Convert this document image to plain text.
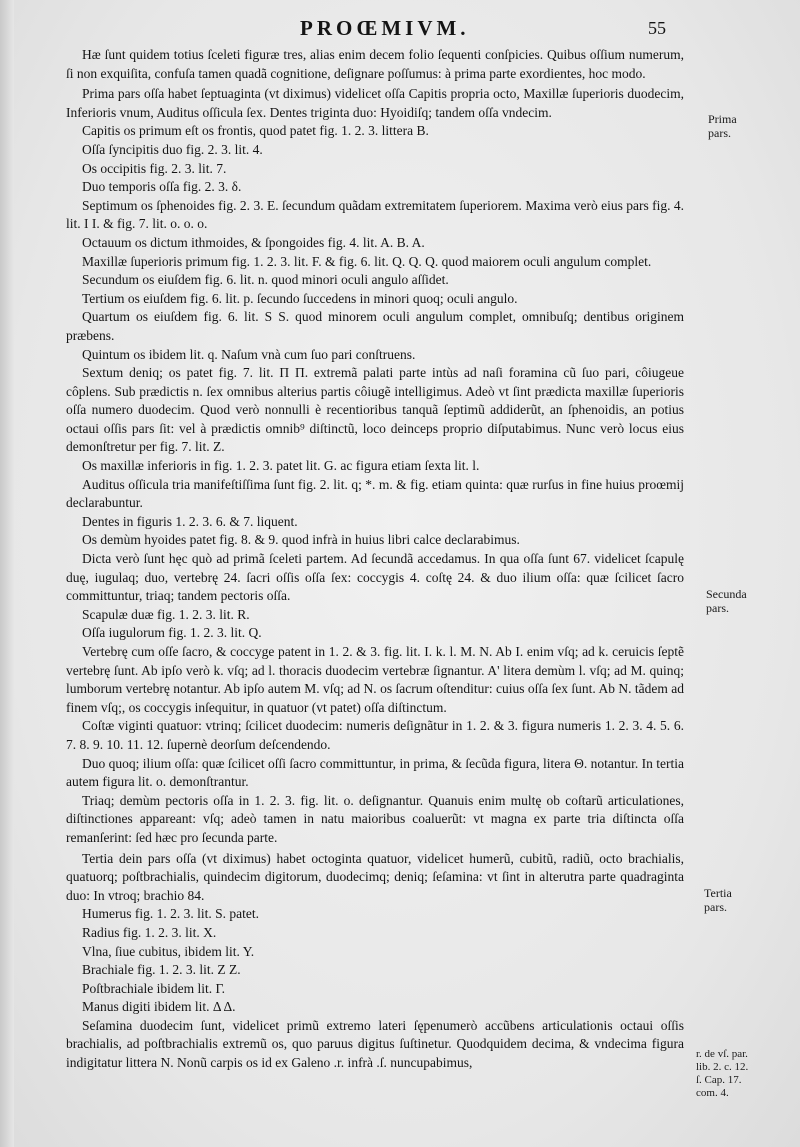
PROŒMIVM.	55

Hæ ſunt quidem totius ſceleti figuræ tres, alias enim decem folio ſequenti conſpicies. Quibus oſſium numerum, ſi non exquiſita, confuſa tamen quadã cognitione, deſignare poſſumus: à prima parte exordientes, hoc modo.

Prima pars oſſa habet ſeptuaginta (vt diximus) videlicet oſſa Capitis propria octo, Maxillæ ſuperioris duodecim, Inferioris vnum, Auditus oſſicula ſex. Dentes triginta duo: Hyoidiſq; tandem oſſa vndecim.

Capitis os primum eſt os frontis, quod patet fig. 1. 2. 3. littera B.

Oſſa ſyncipitis duo fig. 2. 3. lit. 4.

Os occipitis fig. 2. 3. lit. 7.

Duo temporis oſſa fig. 2. 3. δ.

Septimum os ſphenoides fig. 2. 3. E. ſecundum quãdam extremitatem ſuperiorem. Maxima verò eius pars fig. 4. lit. I I. & fig. 7. lit. o. o. o.

Octauum os dictum ithmoides, & ſpongoides fig. 4. lit. A. B. A.

Maxillæ ſuperioris primum fig. 1. 2. 3. lit. F. & fig. 6. lit. Q. Q. Q. quod maiorem oculi angulum complet.

Secundum os eiuſdem fig. 6. lit. n. quod minori oculi angulo aſſidet.

Tertium os eiuſdem fig. 6. lit. p. ſecundo ſuccedens in minori quoq; oculi angulo.

Quartum os eiuſdem fig. 6. lit. S S. quod minorem oculi angulum complet, omnibuſq; dentibus originem præbens.

Quintum os ibidem lit. q. Naſum vnà cum ſuo pari conſtruens.

Sextum deniq; os patet fig. 7. lit. Π Π. extremã palati parte intùs ad naſi foramina cũ ſuo pari, côiugeue côplens. Sub prædictis n. ſex omnibus alterius partis côiugẽ intelligimus. Adeò vt ſint prædicta maxillæ ſuperioris oſſa numero duodecim. Quod verò nonnulli è recentioribus tanquã ſeptimũ addiderũt, an ſphenoidis, an potius octaui oſſis pars ſit: vel à prædictis omnib⁹ diſtinctũ, loco deinceps proprio diſputabimus. Nunc verò locus eius demonſtretur per fig. 7. lit. Z.

Os maxillæ inferioris in fig. 1. 2. 3. patet lit. G. ac figura etiam ſexta lit. l.

Auditus oſſicula tria manifeſtiſſima ſunt fig. 2. lit. q; *. m. & fig. etiam quinta: quæ rurſus in fine huius proœmij declarabuntur.

Dentes in figuris 1. 2. 3. 6. & 7. liquent.

Os demùm hyoides patet fig. 8. & 9. quod infrà in huius libri calce declarabimus.

Dicta verò ſunt hęc quò ad primã ſceleti partem. Ad ſecundã accedamus. In qua oſſa ſunt 67. videlicet ſcapulę duę, iugulaq; duo, vertebrę 24. ſacri oſſis oſſa ſex: coccygis 4. coſtę 24. & duo ilium oſſa: quæ ſcilicet ſacro committuntur, triaq; tandem pectoris oſſa.

Scapulæ duæ fig. 1. 2. 3. lit. R.

Oſſa iugulorum fig. 1. 2. 3. lit. Q.

Vertebrę cum oſſe ſacro, & coccyge patent in 1. 2. & 3. fig. lit. I. k. l. M. N. Ab I. enim vſq; ad k. ceruicis ſeptẽ vertebrę ſunt. Ab ipſo verò k. vſq; ad l. thoracis duodecim vertebræ ſignantur. A' litera demùm l. vſq; ad M. quinq; lumborum vertebrę notantur. Ab ipſo autem M. vſq; ad N. os ſacrum oſtenditur: cuius oſſa ſex ſunt. Ab N. tãdem ad finem vſq;, os coccygis inſequitur, in quatuor (vt patet) oſſa diſtinctum.

Coſtæ viginti quatuor: vtrinq; ſcilicet duodecim: numeris deſignãtur in 1. 2. & 3. figura numeris 1. 2. 3. 4. 5. 6. 7. 8. 9. 10. 11. 12. ſupernè deorſum deſcendendo.

Duo quoq; ilium oſſa: quæ ſcilicet oſſi ſacro committuntur, in prima, & ſecũda figura, litera Θ. notantur. In tertia autem figura lit. o. demonſtrantur.

Triaq; demùm pectoris oſſa in 1. 2. 3. fig. lit. o. deſignantur. Quanuis enim multę ob coſtarũ articulationes, diſtinctiones appareant: vſq; adeò tamen in natu maioribus coaluerũt: vt magna ex parte tria diſtincta oſſa remanſerint: ſed hæc pro ſecunda parte.

Tertia dein pars oſſa (vt diximus) habet octoginta quatuor, videlicet humerũ, cubitũ, radiũ, octo brachialis, quatuorq; poſtbrachialis, quindecim digitorum, duodecimq; deniq; ſeſamina: vt ſint in alterutra parte quadraginta duo: In vtroq; brachio 84.

Humerus fig. 1. 2. 3. lit. S. patet.

Radius fig. 1. 2. 3. lit. X.

Vlna, ſiue cubitus, ibidem lit. Y.

Brachiale fig. 1. 2. 3. lit. Z Z.

Poſtbrachiale ibidem lit. Γ.

Manus digiti ibidem lit. Δ Δ.

Seſamina duodecim ſunt, videlicet primũ extremo lateri ſępenumerò accũbens articulationis octaui oſſis brachialis, ad poſtbrachialis extremũ os, quo paruus digitus ſuſtinetur. Quodquidem decima, & vndecima figura indigitatur littera N. Nonũ carpis os id ex Galeno .r. infrà .ſ. nuncupabimus,

Prima
pars.
Secunda
pars.
Tertia
pars.
r. de vſ. par.
lib. 2. c. 12.
ſ. Cap. 17.
com. 4.
